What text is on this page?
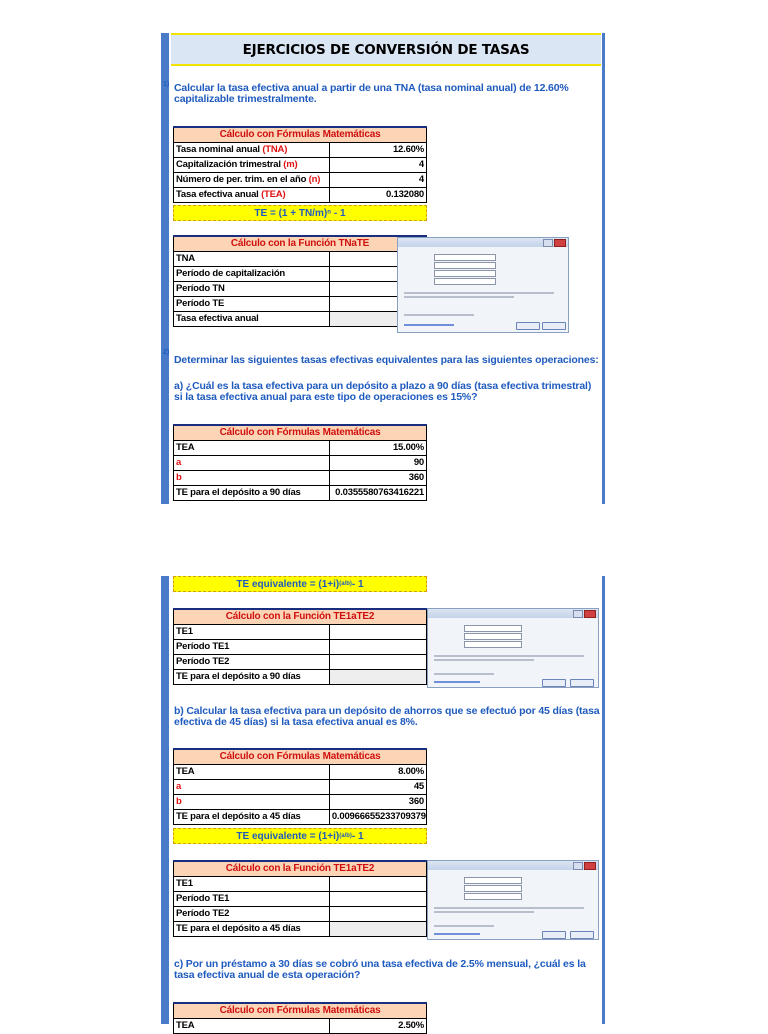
EJERCICIOS DE CONVERSIÓN DE TASAS
1) Calcular la tasa efectiva anual a partir de una TNA (tasa nominal anual) de 12.60% capitalizable trimestralmente.
Cálculo con Fórmulas Matemáticas	
Tasa nominal anual (TNA)	12.60%
Capitalización trimestral (m)	4
Número de per. trim. en el año (n)	4
Tasa efectiva anual (TEA)	0.132080
TE = (1 + TN/m)ⁿ - 1
Cálculo con la Función TNaTE	
TNA	
Período de capitalización	
Período TN	
Período TE	
Tasa efectiva anual	
2)
Determinar las siguientes tasas efectivas equivalentes para las siguientes operaciones:
a) ¿Cuál es la tasa efectiva para un depósito a plazo a 90 días (tasa efectiva trimestral) si la tasa efectiva anual para este tipo de operaciones es 15%?
Cálculo con Fórmulas Matemáticas	
TEA	15.00%
a	90
b	360
TE para el depósito a 90 días	0.0355580763416221
TE equivalente = (1+i) (a/b) - 1
Cálculo con la Función TE1aTE2	
TE1	
Período TE1	
Período TE2	
TE para el depósito a 90 días	
b) Calcular la tasa efectiva para un depósito de ahorros que se efectuó por 45 días (tasa efectiva de 45 días) si la tasa efectiva anual es 8%.
Cálculo con Fórmulas Matemáticas	
TEA	8.00%
a	45
b	360
TE para el depósito a 45 días	0.00966655233709379
TE equivalente = (1+i) (a/b) - 1
Cálculo con la Función TE1aTE2	
TE1	
Período TE1	
Período TE2	
TE para el depósito a 45 días	
c) Por un préstamo a 30 días se cobró una tasa efectiva de 2.5% mensual, ¿cuál es la tasa efectiva anual de esta operación?
Cálculo con Fórmulas Matemáticas
TEA	2.50%
